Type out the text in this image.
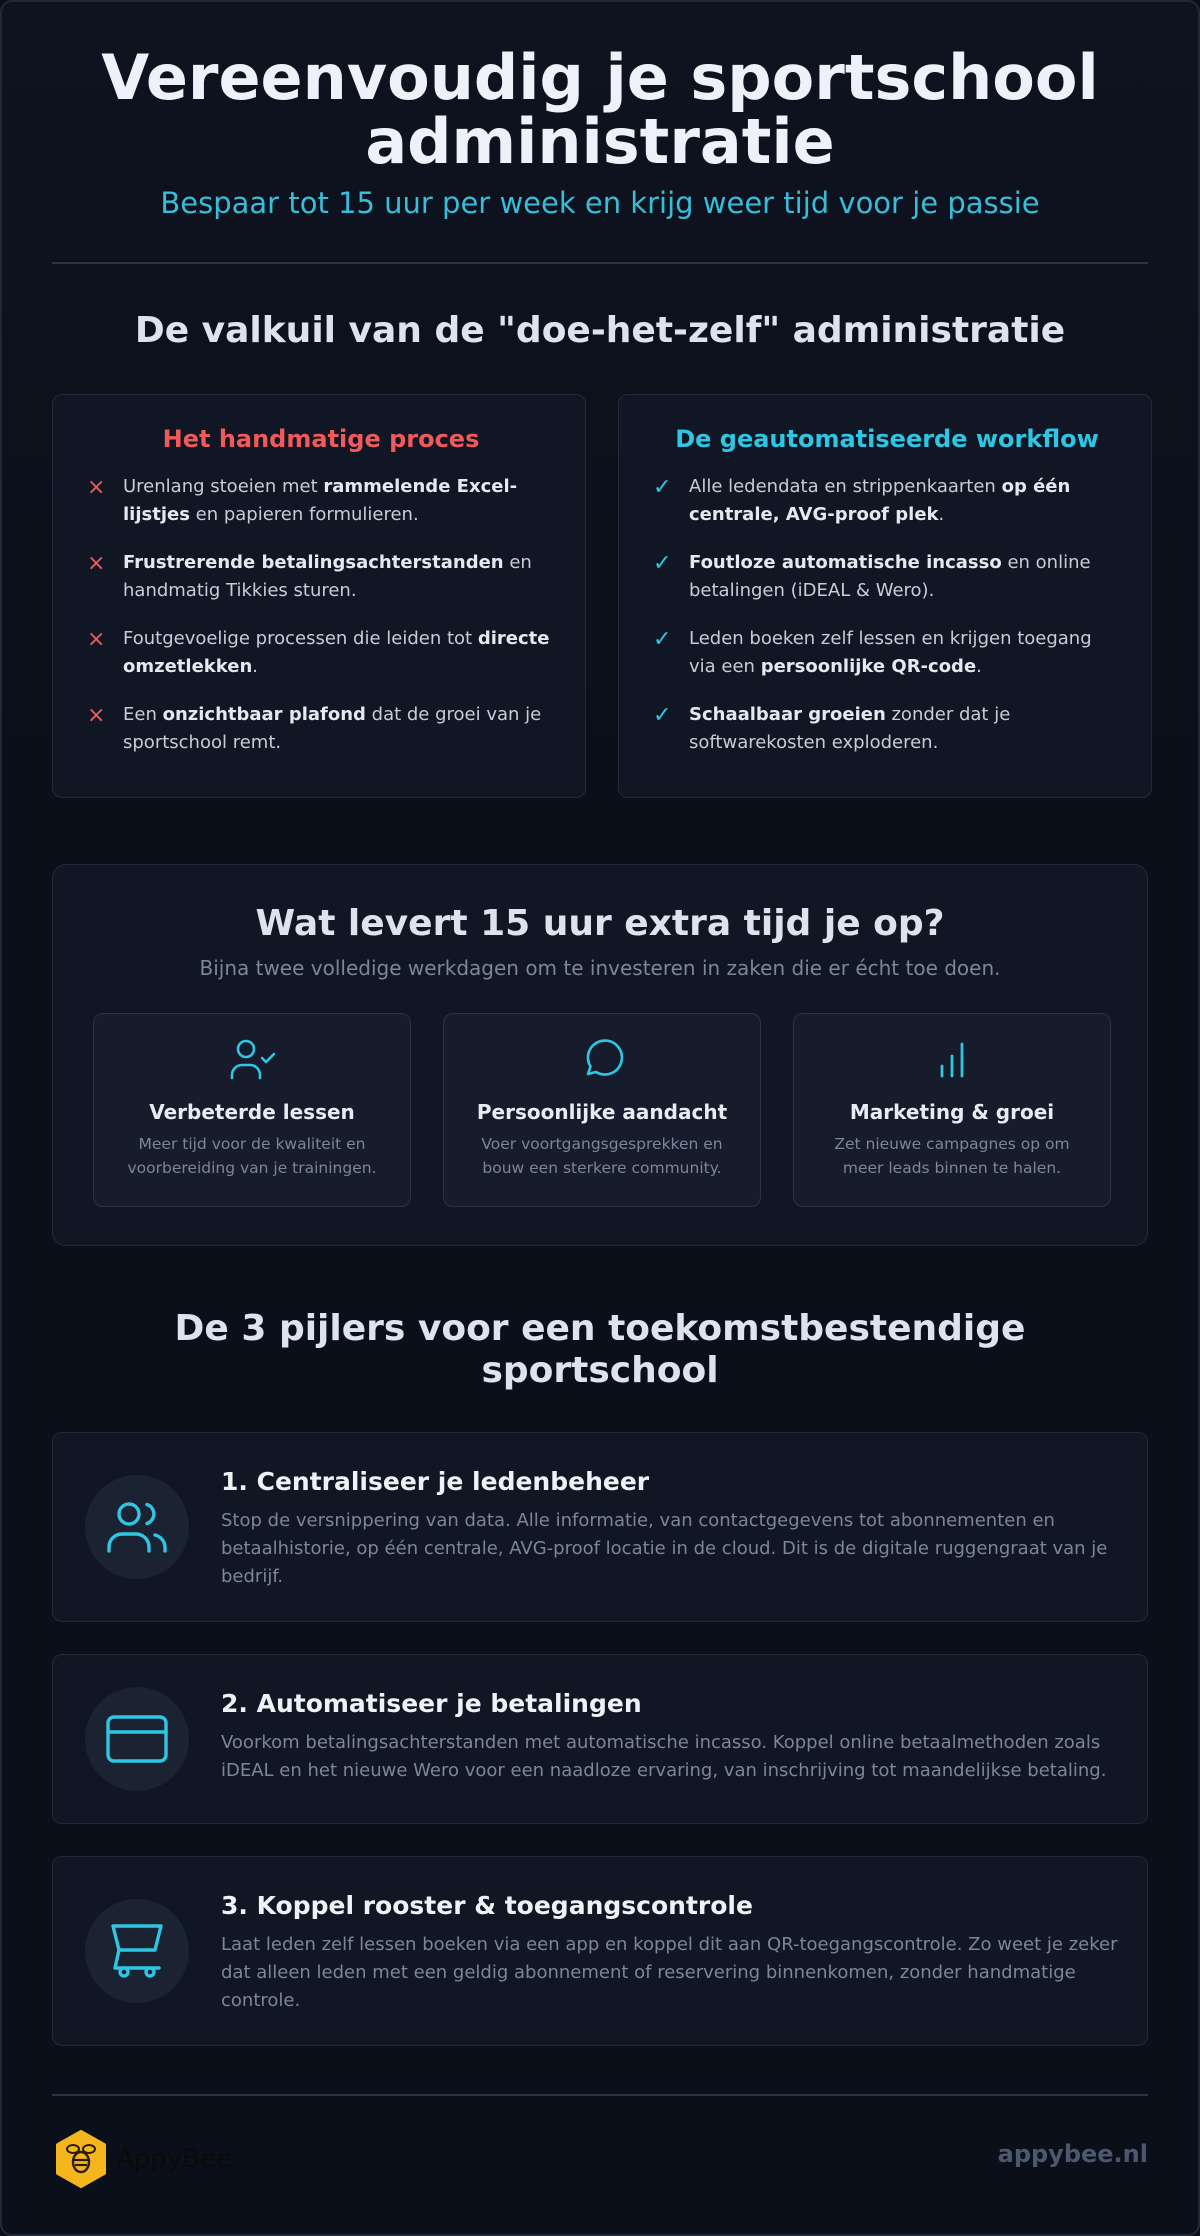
Vereenvoudig je sportschool administratie
Bespaar tot 15 uur per week en krijg weer tijd voor je passie
De valkuil van de "doe-het-zelf" administratie
Het handmatige proces
× Urenlang stoeien met rammelende Excel-lijstjes en papieren formulieren.
× Frustrerende betalingsachterstanden en handmatig Tikkies sturen.
× Foutgevoelige processen die leiden tot directe omzetlekken.
× Een onzichtbaar plafond dat de groei van je sportschool remt.
De geautomatiseerde workflow
✓ Alle ledendata en strippenkaarten op één centrale, AVG-proof plek.
✓ Foutloze automatische incasso en online betalingen (iDEAL & Wero).
✓ Leden boeken zelf lessen en krijgen toegang via een persoonlijke QR-code.
✓ Schaalbaar groeien zonder dat je softwarekosten exploderen.
Wat levert 15 uur extra tijd je op?
Bijna twee volledige werkdagen om te investeren in zaken die er écht toe doen.
Verbeterde lessen
Meer tijd voor de kwaliteit en voorbereiding van je trainingen.
Persoonlijke aandacht
Voer voortgangsgesprekken en bouw een sterkere community.
Marketing & groei
Zet nieuwe campagnes op om meer leads binnen te halen.
De 3 pijlers voor een toekomstbestendige sportschool
1. Centraliseer je ledenbeheer
Stop de versnippering van data. Alle informatie, van contactgegevens tot abonnementen en betaalhistorie, op één centrale, AVG-proof locatie in de cloud. Dit is de digitale ruggengraat van je bedrijf.
2. Automatiseer je betalingen
Voorkom betalingsachterstanden met automatische incasso. Koppel online betaalmethoden zoals iDEAL en het nieuwe Wero voor een naadloze ervaring, van inschrijving tot maandelijkse betaling.
3. Koppel rooster & toegangscontrole
Laat leden zelf lessen boeken via een app en koppel dit aan QR-toegangscontrole. Zo weet je zeker dat alleen leden met een geldig abonnement of reservering binnenkomen, zonder handmatige controle.
AppyBee	appybee.nl
